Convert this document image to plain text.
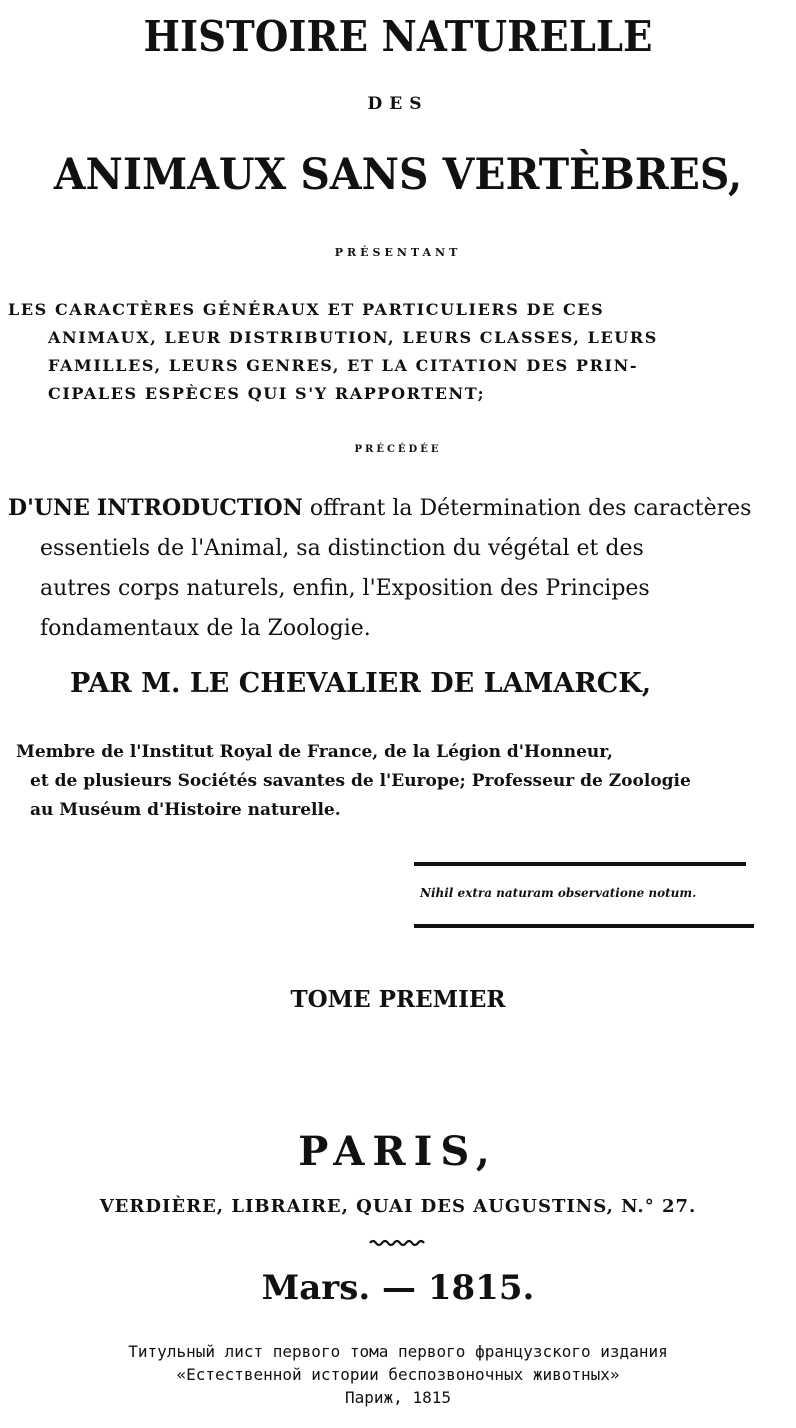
HISTOIRE NATURELLE
DES
ANIMAUX SANS VERTÈBRES,
PRÉSENTANT
LES CARACTÈRES GÉNÉRAUX ET PARTICULIERS DE CES
ANIMAUX, LEUR DISTRIBUTION, LEURS CLASSES, LEURS
FAMILLES, LEURS GENRES, ET LA CITATION DES PRIN-
CIPALES ESPÈCES QUI S'Y RAPPORTENT;
PRÉCÉDÉE
D'UNE INTRODUCTION offrant la Détermination des caractères
essentiels de l'Animal, sa distinction du végétal et des
autres corps naturels, enfin, l'Exposition des Principes
fondamentaux de la Zoologie.
PAR M. LE CHEVALIER DE LAMARCK,
Membre de l'Institut Royal de France, de la Légion d'Honneur,
et de plusieurs Sociétés savantes de l'Europe; Professeur de Zoologie
au Muséum d'Histoire naturelle.
Nihil extra naturam observatione notum.
TOME PREMIER
PARIS,
VERDIÈRE, LIBRAIRE, QUAI DES AUGUSTINS, N.° 27.
Mars. — 1815.
Титульный лист первого тома первого французского издания
«Естественной истории беспозвоночных животных»
Париж, 1815
